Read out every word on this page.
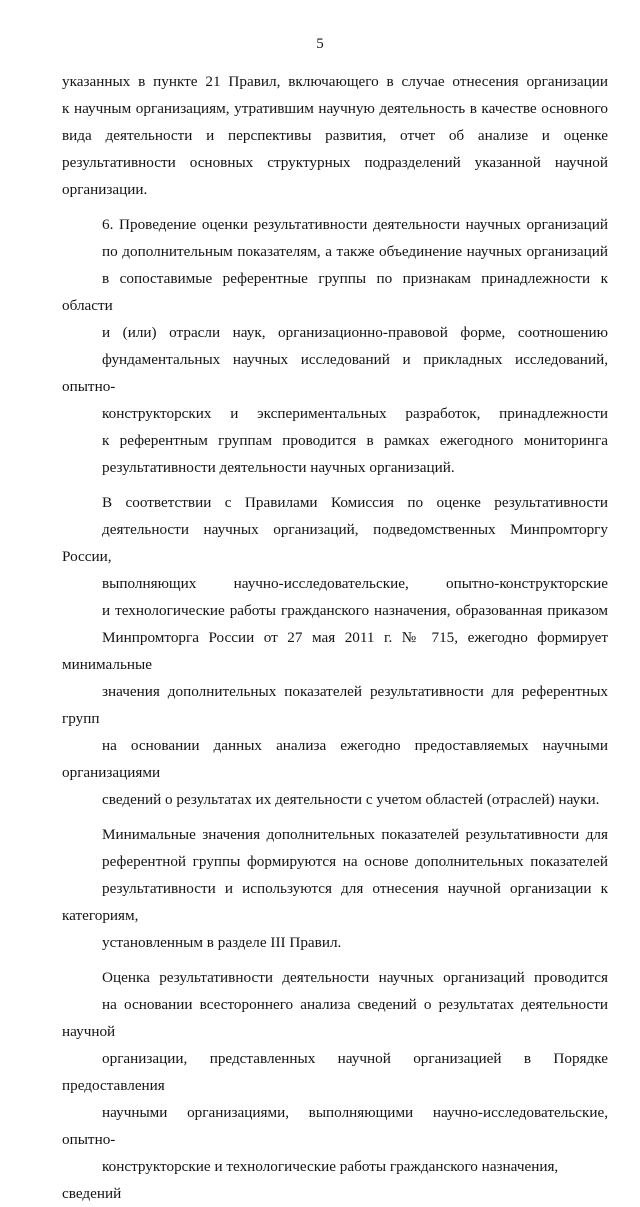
5

указанных в пункте 21 Правил, включающего в случае отнесения организации
к научным организациям, утратившим научную деятельность в качестве основного
вида деятельности и перспективы развития, отчет об анализе и оценке
результативности основных структурных подразделений указанной научной
организации.

6. Проведение оценки результативности деятельности научных организаций
по дополнительным показателям, а также объединение научных организаций
в сопоставимые референтные группы по признакам принадлежности к области
и (или) отрасли наук, организационно-правовой форме, соотношению
фундаментальных научных исследований и прикладных исследований, опытно-
конструкторских и экспериментальных разработок, принадлежности
к референтным группам проводится в рамках ежегодного мониторинга
результативности деятельности научных организаций.

В соответствии с Правилами Комиссия по оценке результативности
деятельности научных организаций, подведомственных Минпромторгу России,
выполняющих научно-исследовательские, опытно-конструкторские
и технологические работы гражданского назначения, образованная приказом
Минпромторга России от 27 мая 2011 г. № 715, ежегодно формирует минимальные
значения дополнительных показателей результативности для референтных групп
на основании данных анализа ежегодно предоставляемых научными организациями
сведений о результатах их деятельности с учетом областей (отраслей) науки.

Минимальные значения дополнительных показателей результативности для
референтной группы формируются на основе дополнительных показателей
результативности и используются для отнесения научной организации к категориям,
установленным в разделе III Правил.

Оценка результативности деятельности научных организаций проводится
на основании всестороннего анализа сведений о результатах деятельности научной
организации, представленных научной организацией в Порядке предоставления
научными организациями, выполняющими научно-исследовательские, опытно-
конструкторские и технологические работы гражданского назначения, сведений
